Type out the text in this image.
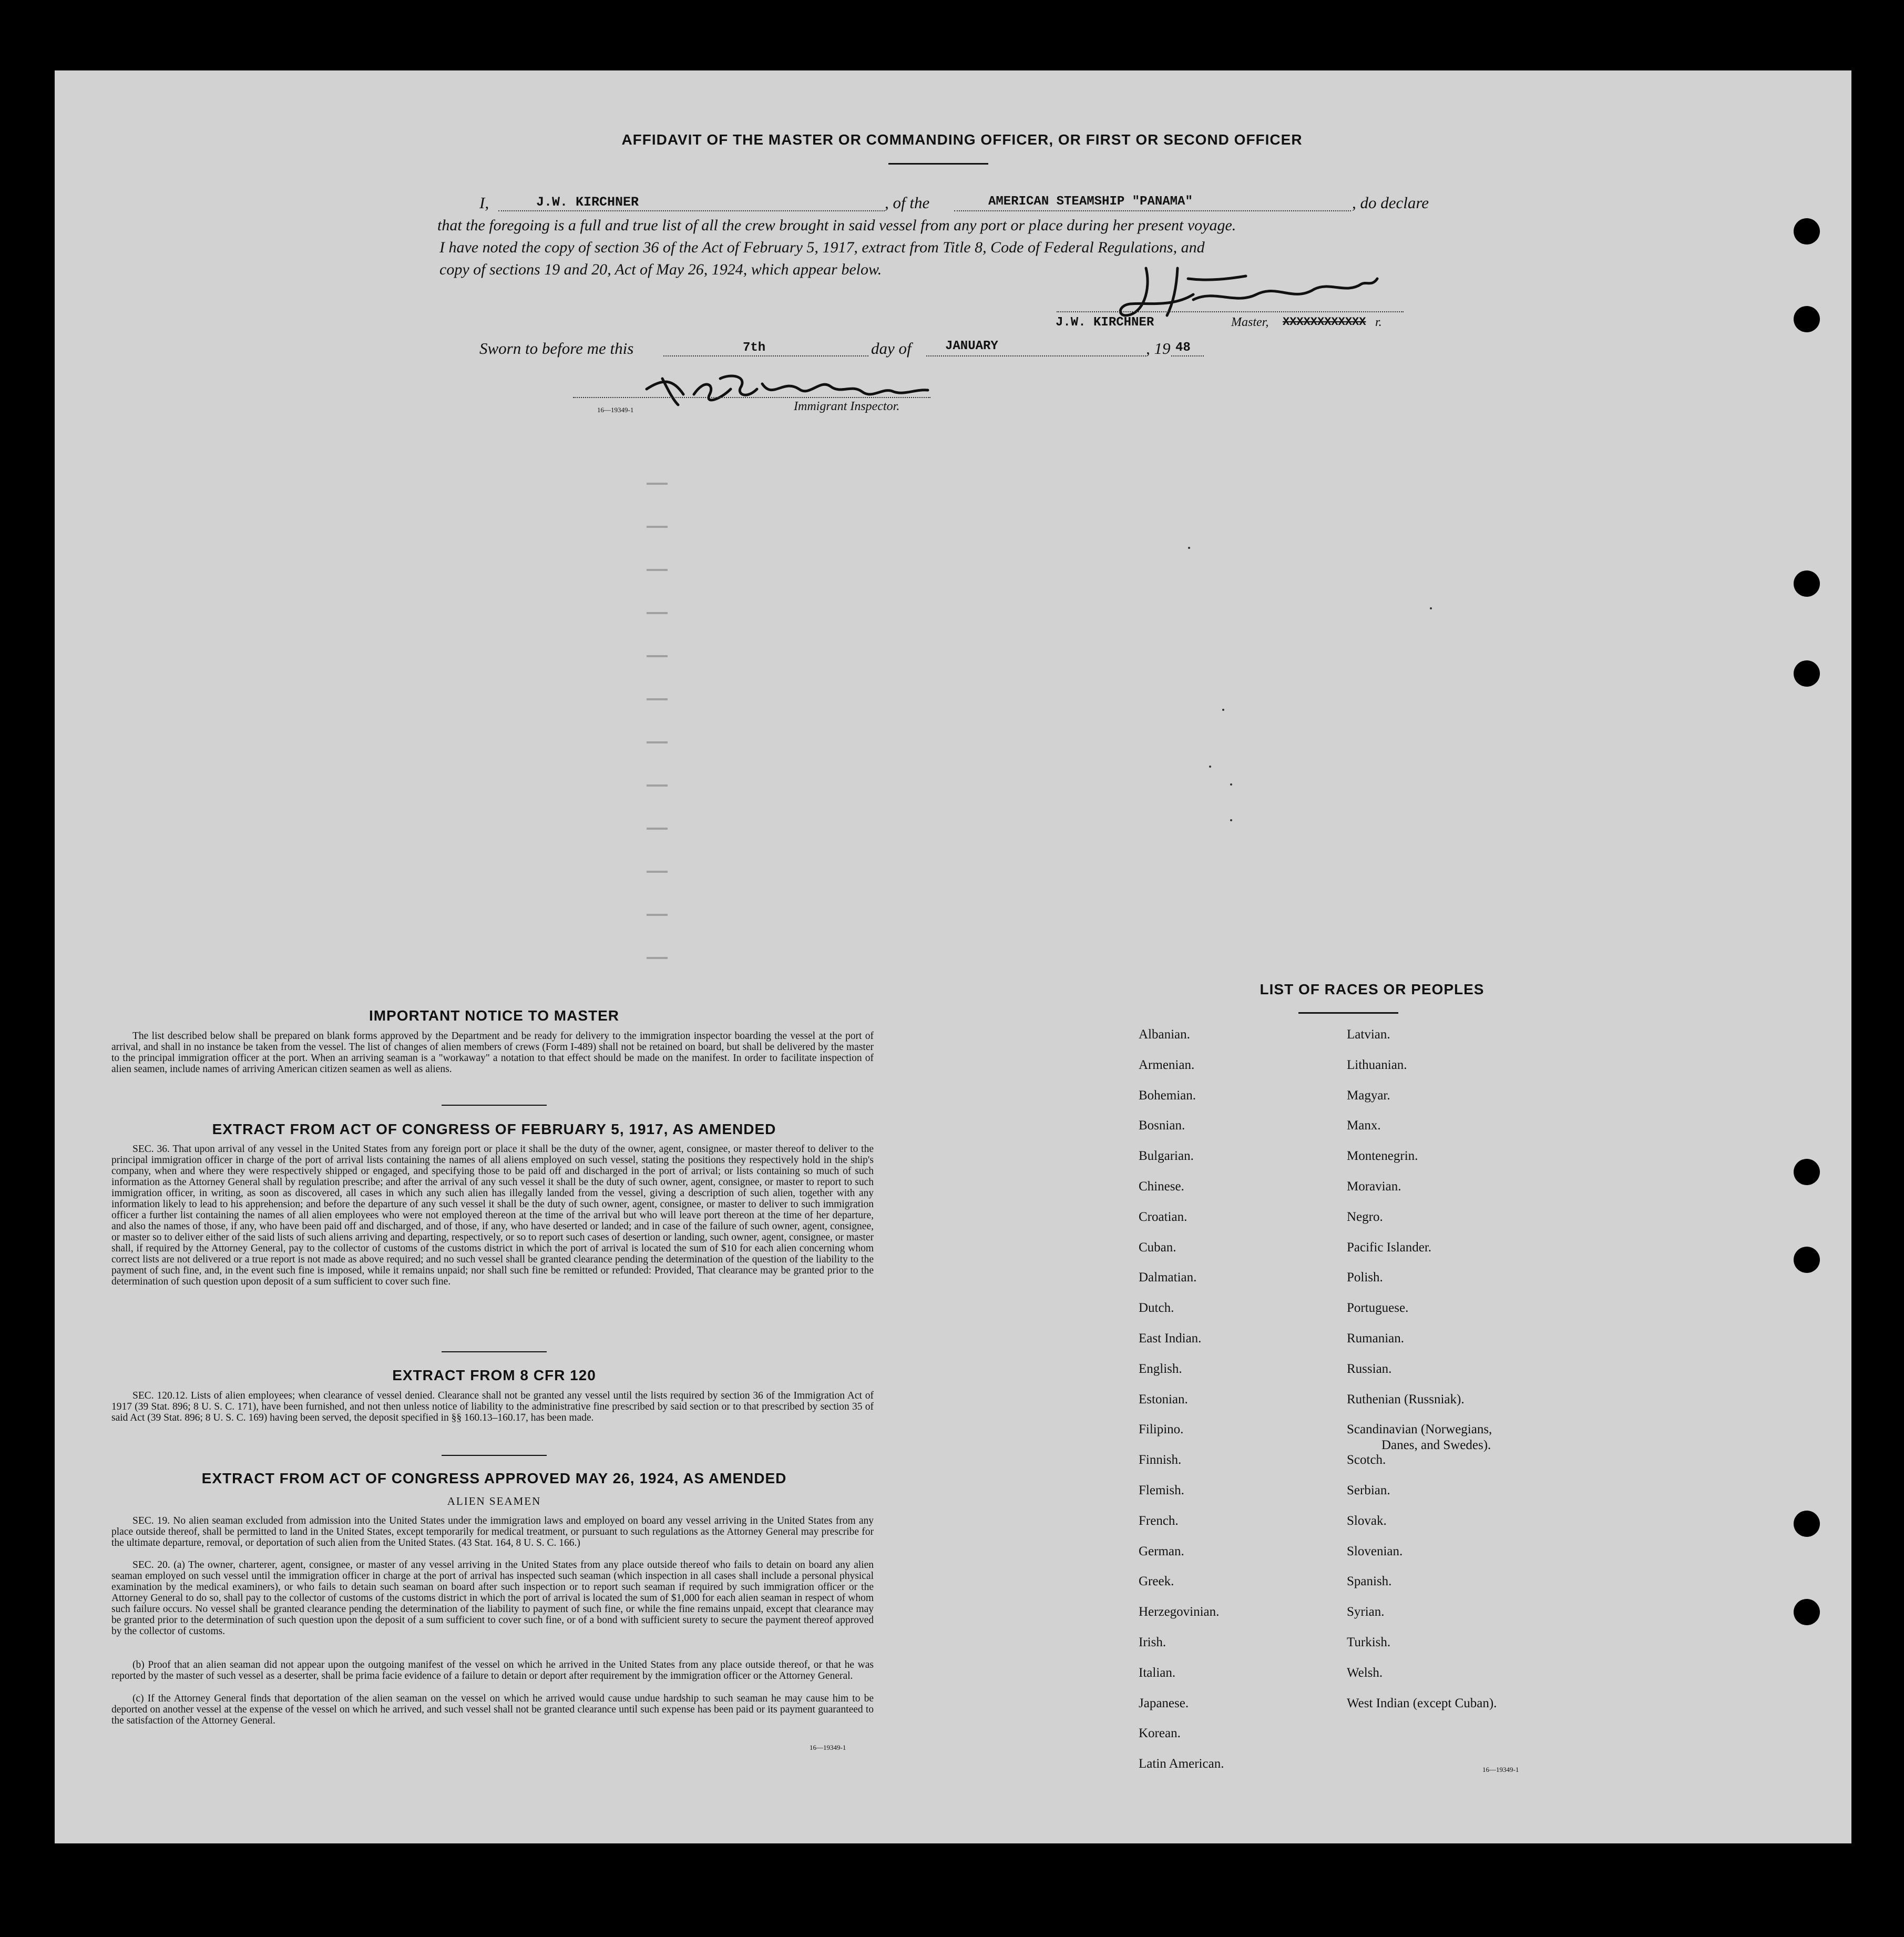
AFFIDAVIT OF THE MASTER OR COMMANDING OFFICER, OR FIRST OR SECOND OFFICER
I,	J.W. KIRCHNER	, of the	AMERICAN STEAMSHIP "PANAMA"	, do declare
that the foregoing is a full and true list of all the crew brought in said vessel from any port or place during her present voyage.
I have noted the copy of section 36 of the Act of February 5, 1917, extract from Title 8, Code of Federal Regulations, and
copy of sections 19 and 20, Act of May 26, 1924, which appear below.
J.W. KIRCHNER	Master, XXXXXXXXXXXX r.
Sworn to before me this	7th	day of	JANUARY	, 19 48
16—19349-1	Immigrant Inspector.
IMPORTANT NOTICE TO MASTER
The list described below shall be prepared on blank forms approved by the Department and be ready for delivery to the immigration inspector boarding the vessel at the port of arrival, and shall in no instance be taken from the vessel. The list of changes of alien members of crews (Form I-489) shall not be retained on board, but shall be delivered by the master to the principal immigration officer at the port. When an arriving seaman is a "workaway" a notation to that effect should be made on the manifest. In order to facilitate inspection of alien seamen, include names of arriving American citizen seamen as well as aliens.
EXTRACT FROM ACT OF CONGRESS OF FEBRUARY 5, 1917, AS AMENDED
SEC. 36. That upon arrival of any vessel in the United States from any foreign port or place it shall be the duty of the owner, agent, consignee, or master thereof to deliver to the principal immigration officer in charge of the port of arrival lists containing the names of all aliens employed on such vessel, stating the positions they respectively hold in the ship's company, when and where they were respectively shipped or engaged, and specifying those to be paid off and discharged in the port of arrival; or lists containing so much of such information as the Attorney General shall by regulation prescribe; and after the arrival of any such vessel it shall be the duty of such owner, agent, consignee, or master to report to such immigration officer, in writing, as soon as discovered, all cases in which any such alien has illegally landed from the vessel, giving a description of such alien, together with any information likely to lead to his apprehension; and before the departure of any such vessel it shall be the duty of such owner, agent, consignee, or master to deliver to such immigration officer a further list containing the names of all alien employees who were not employed thereon at the time of the arrival but who will leave port thereon at the time of her departure, and also the names of those, if any, who have been paid off and discharged, and of those, if any, who have deserted or landed; and in case of the failure of such owner, agent, consignee, or master so to deliver either of the said lists of such aliens arriving and departing, respectively, or so to report such cases of desertion or landing, such owner, agent, consignee, or master shall, if required by the Attorney General, pay to the collector of customs of the customs district in which the port of arrival is located the sum of $10 for each alien concerning whom correct lists are not delivered or a true report is not made as above required; and no such vessel shall be granted clearance pending the determination of the question of the liability to the payment of such fine, and, in the event such fine is imposed, while it remains unpaid; nor shall such fine be remitted or refunded: Provided, That clearance may be granted prior to the determination of such question upon deposit of a sum sufficient to cover such fine.
EXTRACT FROM 8 CFR 120
SEC. 120.12. Lists of alien employees; when clearance of vessel denied. Clearance shall not be granted any vessel until the lists required by section 36 of the Immigration Act of 1917 (39 Stat. 896; 8 U. S. C. 171), have been furnished, and not then unless notice of liability to the administrative fine prescribed by said section or to that prescribed by section 35 of said Act (39 Stat. 896; 8 U. S. C. 169) having been served, the deposit specified in §§ 160.13–160.17, has been made.
EXTRACT FROM ACT OF CONGRESS APPROVED MAY 26, 1924, AS AMENDED
ALIEN SEAMEN
SEC. 19. No alien seaman excluded from admission into the United States under the immigration laws and employed on board any vessel arriving in the United States from any place outside thereof, shall be permitted to land in the United States, except temporarily for medical treatment, or pursuant to such regulations as the Attorney General may prescribe for the ultimate departure, removal, or deportation of such alien from the United States. (43 Stat. 164, 8 U. S. C. 166.)
SEC. 20. (a) The owner, charterer, agent, consignee, or master of any vessel arriving in the United States from any place outside thereof who fails to detain on board any alien seaman employed on such vessel until the immigration officer in charge at the port of arrival has inspected such seaman (which inspection in all cases shall include a personal physical examination by the medical examiners), or who fails to detain such seaman on board after such inspection or to report such seaman if required by such immigration officer or the Attorney General to do so, shall pay to the collector of customs of the customs district in which the port of arrival is located the sum of $1,000 for each alien seaman in respect of whom such failure occurs. No vessel shall be granted clearance pending the determination of the liability to payment of such fine, or while the fine remains unpaid, except that clearance may be granted prior to the determination of such question upon the deposit of a sum sufficient to cover such fine, or of a bond with sufficient surety to secure the payment thereof approved by the collector of customs.
(b) Proof that an alien seaman did not appear upon the outgoing manifest of the vessel on which he arrived in the United States from any place outside thereof, or that he was reported by the master of such vessel as a deserter, shall be prima facie evidence of a failure to detain or deport after requirement by the immigration officer or the Attorney General.
(c) If the Attorney General finds that deportation of the alien seaman on the vessel on which he arrived would cause undue hardship to such seaman he may cause him to be deported on another vessel at the expense of the vessel on which he arrived, and such vessel shall not be granted clearance until such expense has been paid or its payment guaranteed to the satisfaction of the Attorney General.
16—19349-1
LIST OF RACES OR PEOPLES
Albanian.
Armenian.
Bohemian.
Bosnian.
Bulgarian.
Chinese.
Croatian.
Cuban.
Dalmatian.
Dutch.
East Indian.
English.
Estonian.
Filipino.
Finnish.
Flemish.
French.
German.
Greek.
Herzegovinian.
Irish.
Italian.
Japanese.
Korean.
Latin American.
Latvian.
Lithuanian.
Magyar.
Manx.
Montenegrin.
Moravian.
Negro.
Pacific Islander.
Polish.
Portuguese.
Rumanian.
Russian.
Ruthenian (Russniak).
Scandinavian (Norwegians,
Danes, and Swedes).
Scotch.
Serbian.
Slovak.
Slovenian.
Spanish.
Syrian.
Turkish.
Welsh.
West Indian (except Cuban).
16—19349-1
